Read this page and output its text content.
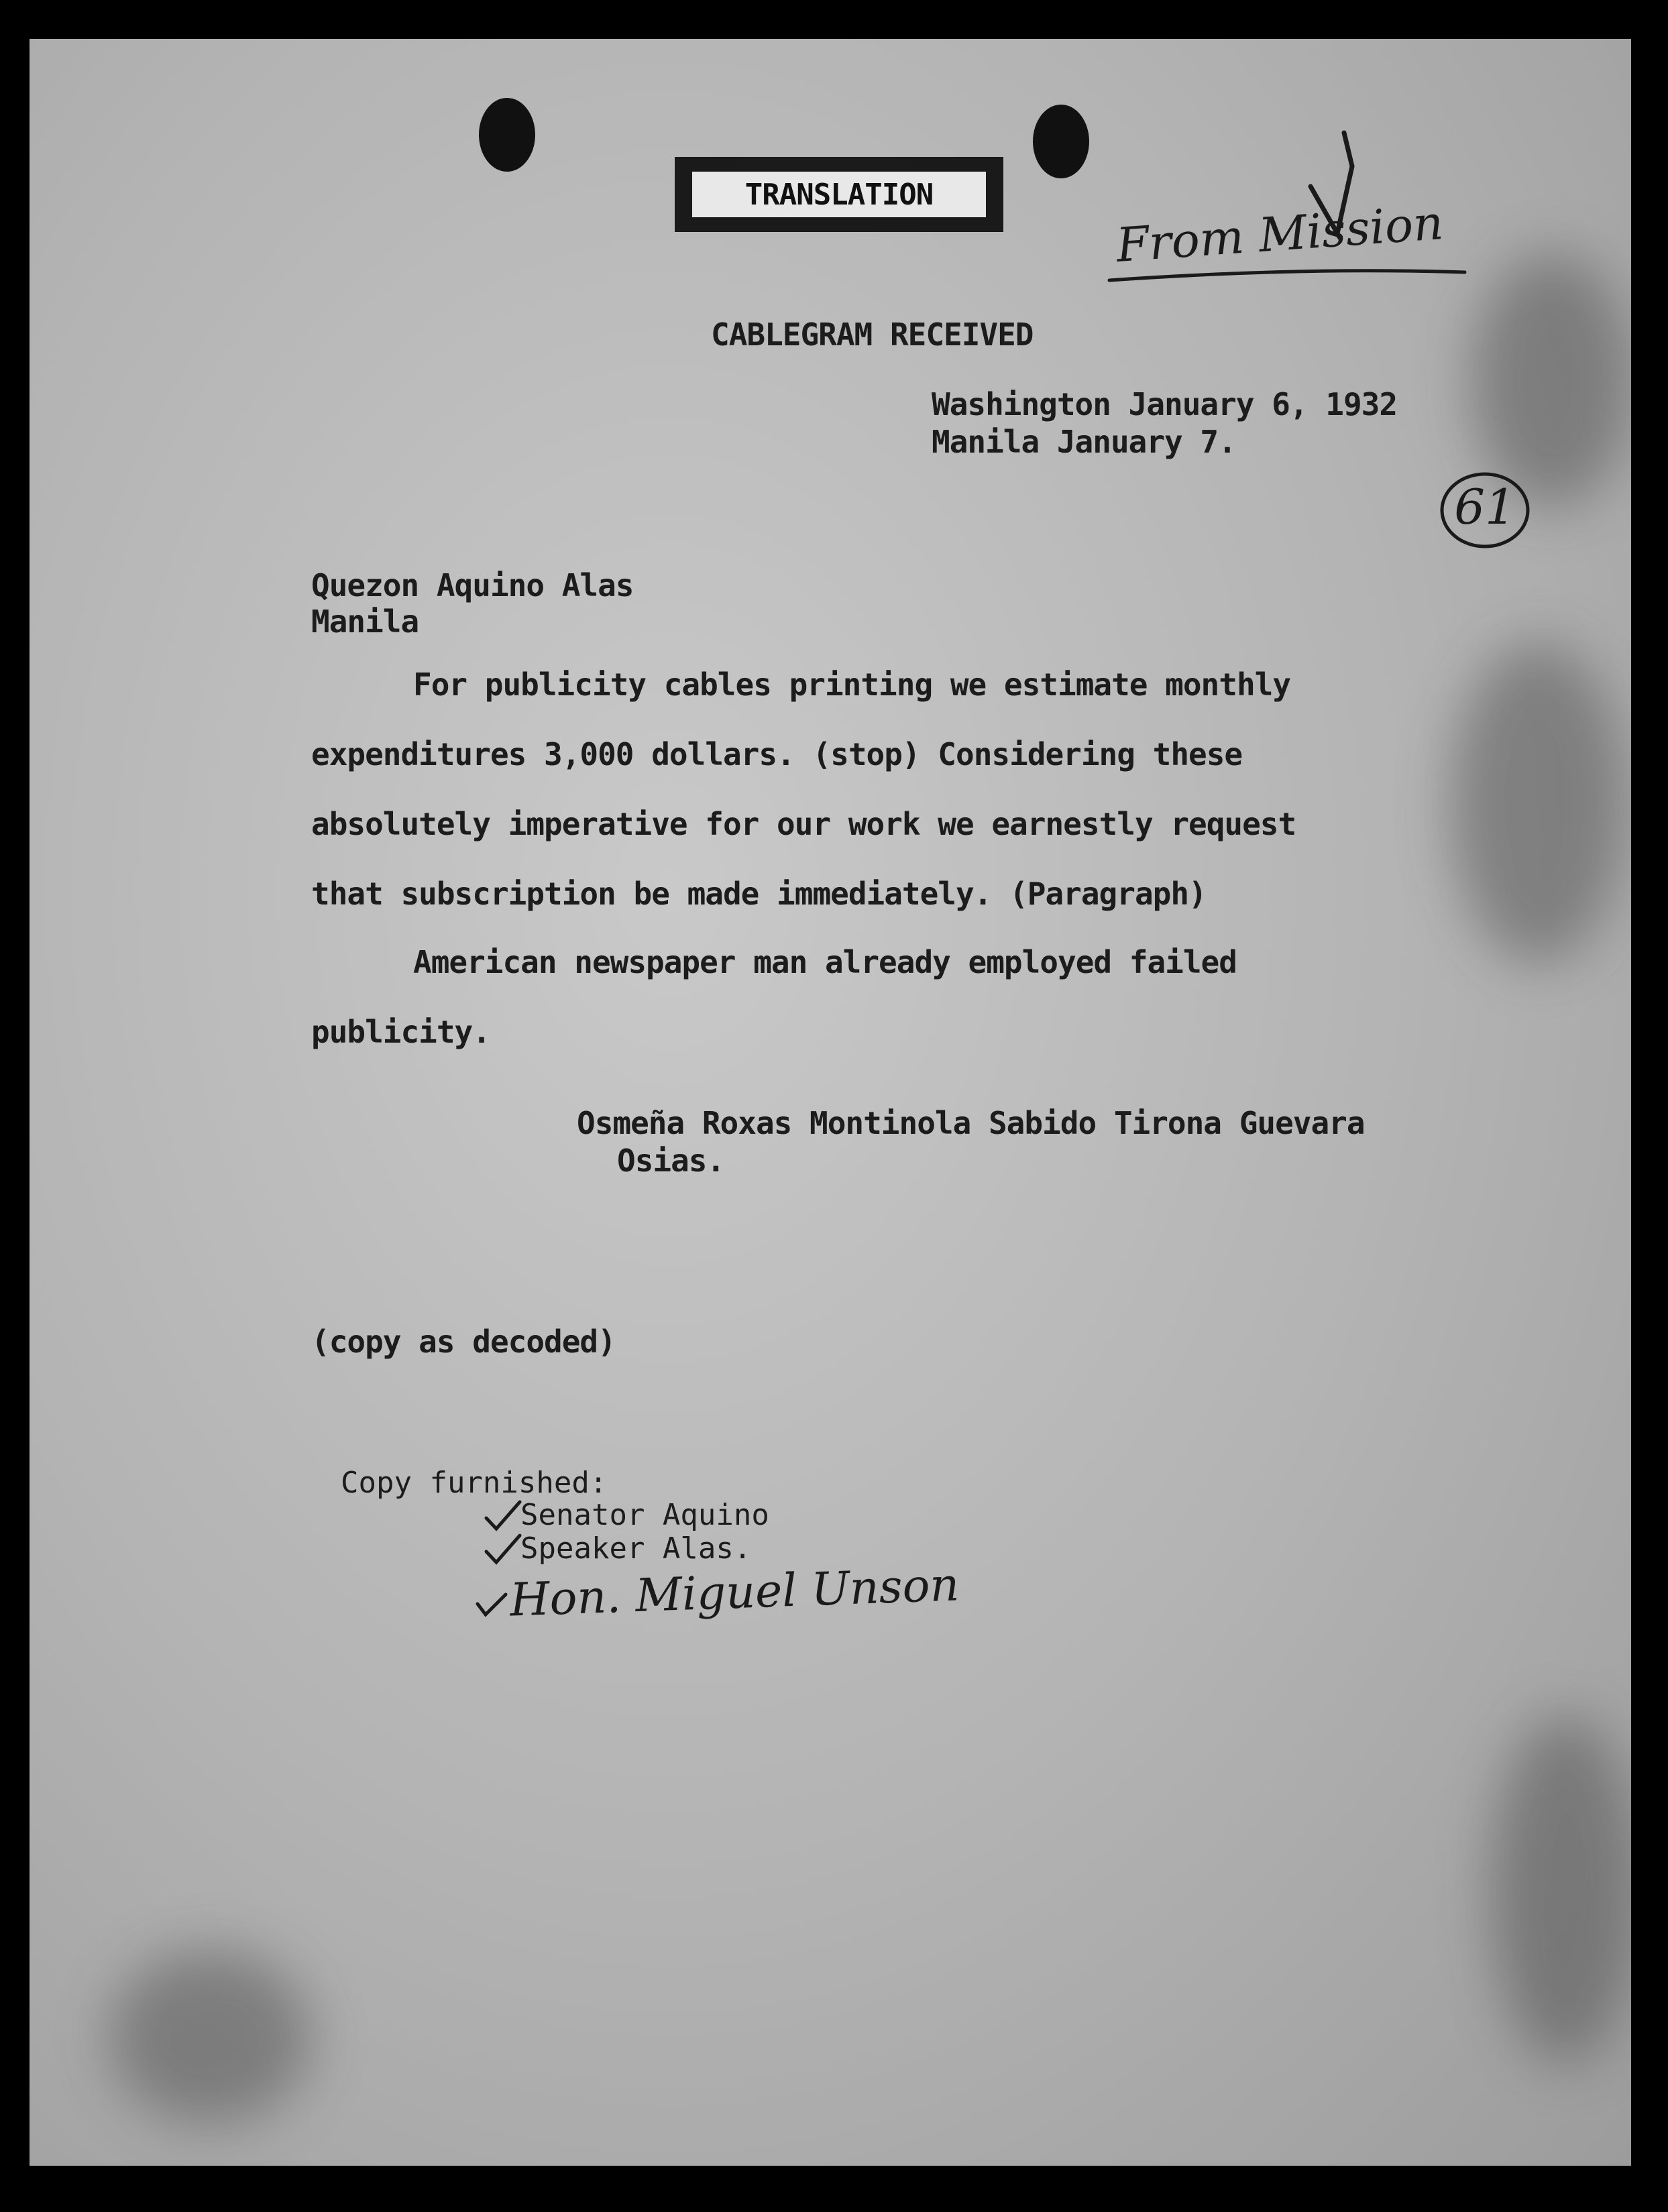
TRANSLATION
From Mission
61
CABLEGRAM RECEIVED
Washington January 6, 1932
Manila January 7.
Quezon Aquino Alas
Manila
For publicity cables printing we estimate monthly
expenditures 3,000 dollars. (stop) Considering these
absolutely imperative for our work we earnestly request
that subscription be made immediately. (Paragraph)
American newspaper man already employed failed
publicity.
Osmeña Roxas Montinola Sabido Tirona Guevara
Osias.
(copy as decoded)
Copy furnished:
Senator Aquino
Speaker Alas.
Hon. Miguel Unson
